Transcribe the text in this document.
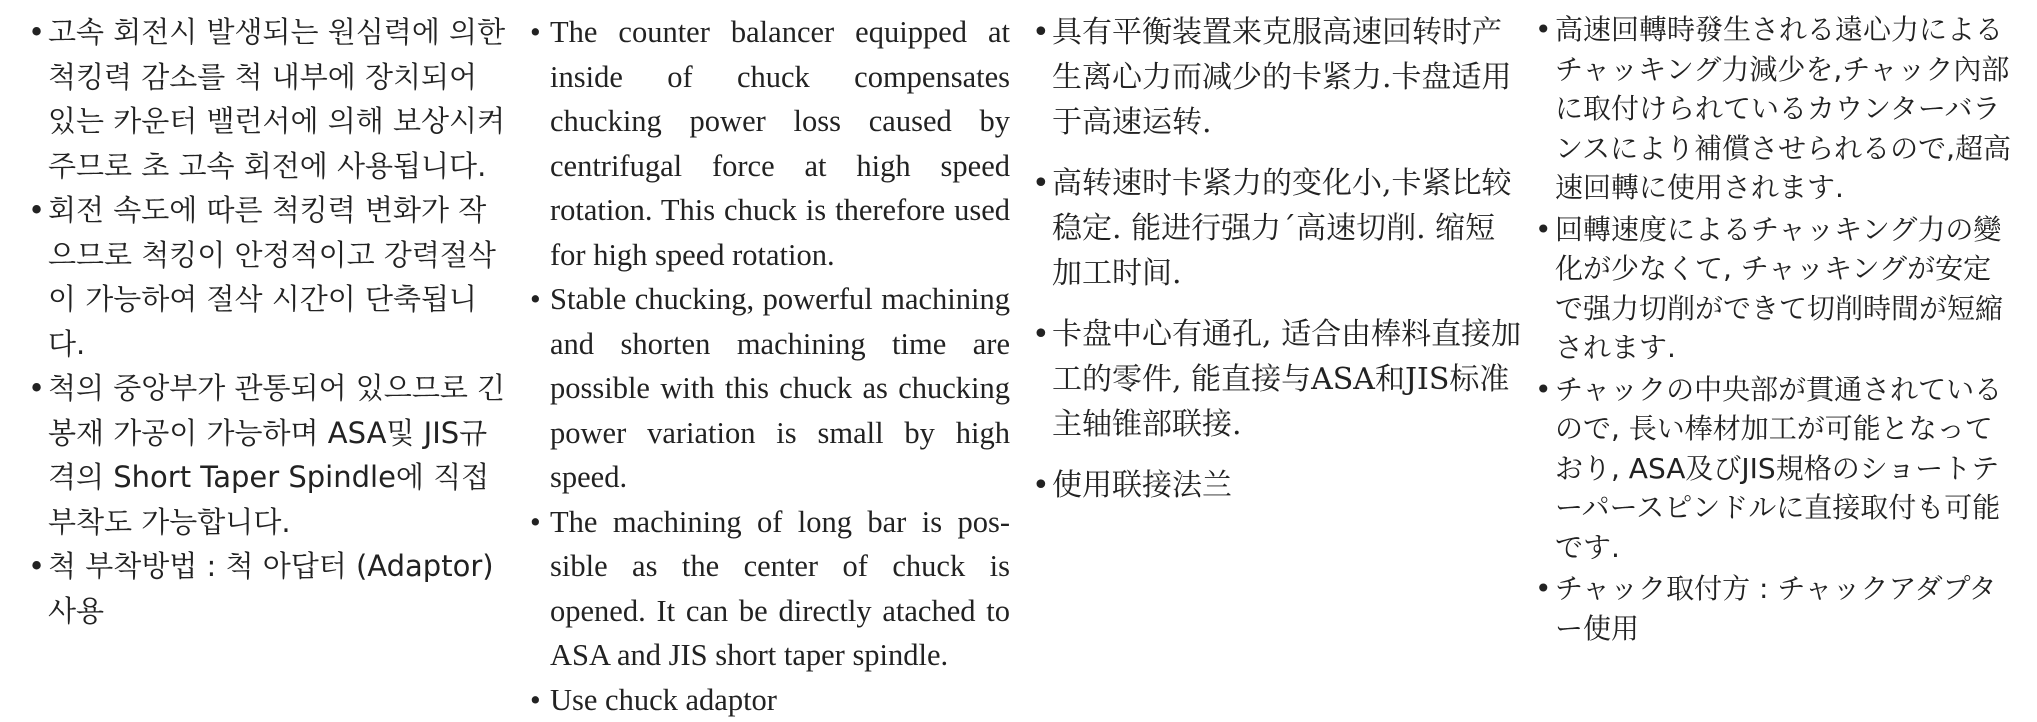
• 고속 회전시 발생되는 원심력에 의한 척킹력 감소를 척 내부에 장치되어 있는 카운터 밸런서에 의해 보상시켜 주므로 초 고속 회전에 사용됩니다.
• 회전 속도에 따른 척킹력 변화가 작으므로 척킹이 안정적이고 강력절삭이 가능하여 절삭 시간이 단축됩니다.
• 척의 중앙부가 관통되어 있으므로 긴 봉재 가공이 가능하며 ASA및 JIS규격의 Short Taper Spindle에 직접 부착도 가능합니다.
• 척 부착방법 : 척 아답터 (Adaptor)사용
• The counter balancer equipped at inside of chuck compensates chucking power loss caused by centrifugal force at high speed rotation. This chuck is therefore used for high speed rotation.
• Stable chucking, powerful machining and shorten machining time are possible with this chuck as chucking power variation is small by high speed.
• The machining of long bar is pos-sible as the center of chuck is opened. It can be directly atached to ASA and JIS short taper spindle.
• Use chuck adaptor
• 具有平衡装置来克服高速回转时产生离心力而减少的卡紧力.卡盘适用于高速运转.
• 高转速时卡紧力的变化小,卡紧比较稳定. 能进行强力´高速切削. 缩短加工时间.
• 卡盘中心有通孔, 适合由棒料直接加工的零件, 能直接与ASA和JIS标准主轴锥部联接.
• 使用联接法兰
• 高速回轉時發生される遠心力によるチャッキング力減少を,チャック內部に取付けられているカウンターバランスにより補償させられるので,超高速回轉に使用されます.
• 回轉速度によるチャッキング力の變化が少なくて, チャッキングが安定で强力切削ができて切削時間が短縮されます.
• チャックの中央部が貫通されているので, 長い棒材加工が可能となっており, ASA及びJIS規格のショートテーパースピンドルに直接取付も可能です.
• チャック取付方 : チャックアダプター使用
